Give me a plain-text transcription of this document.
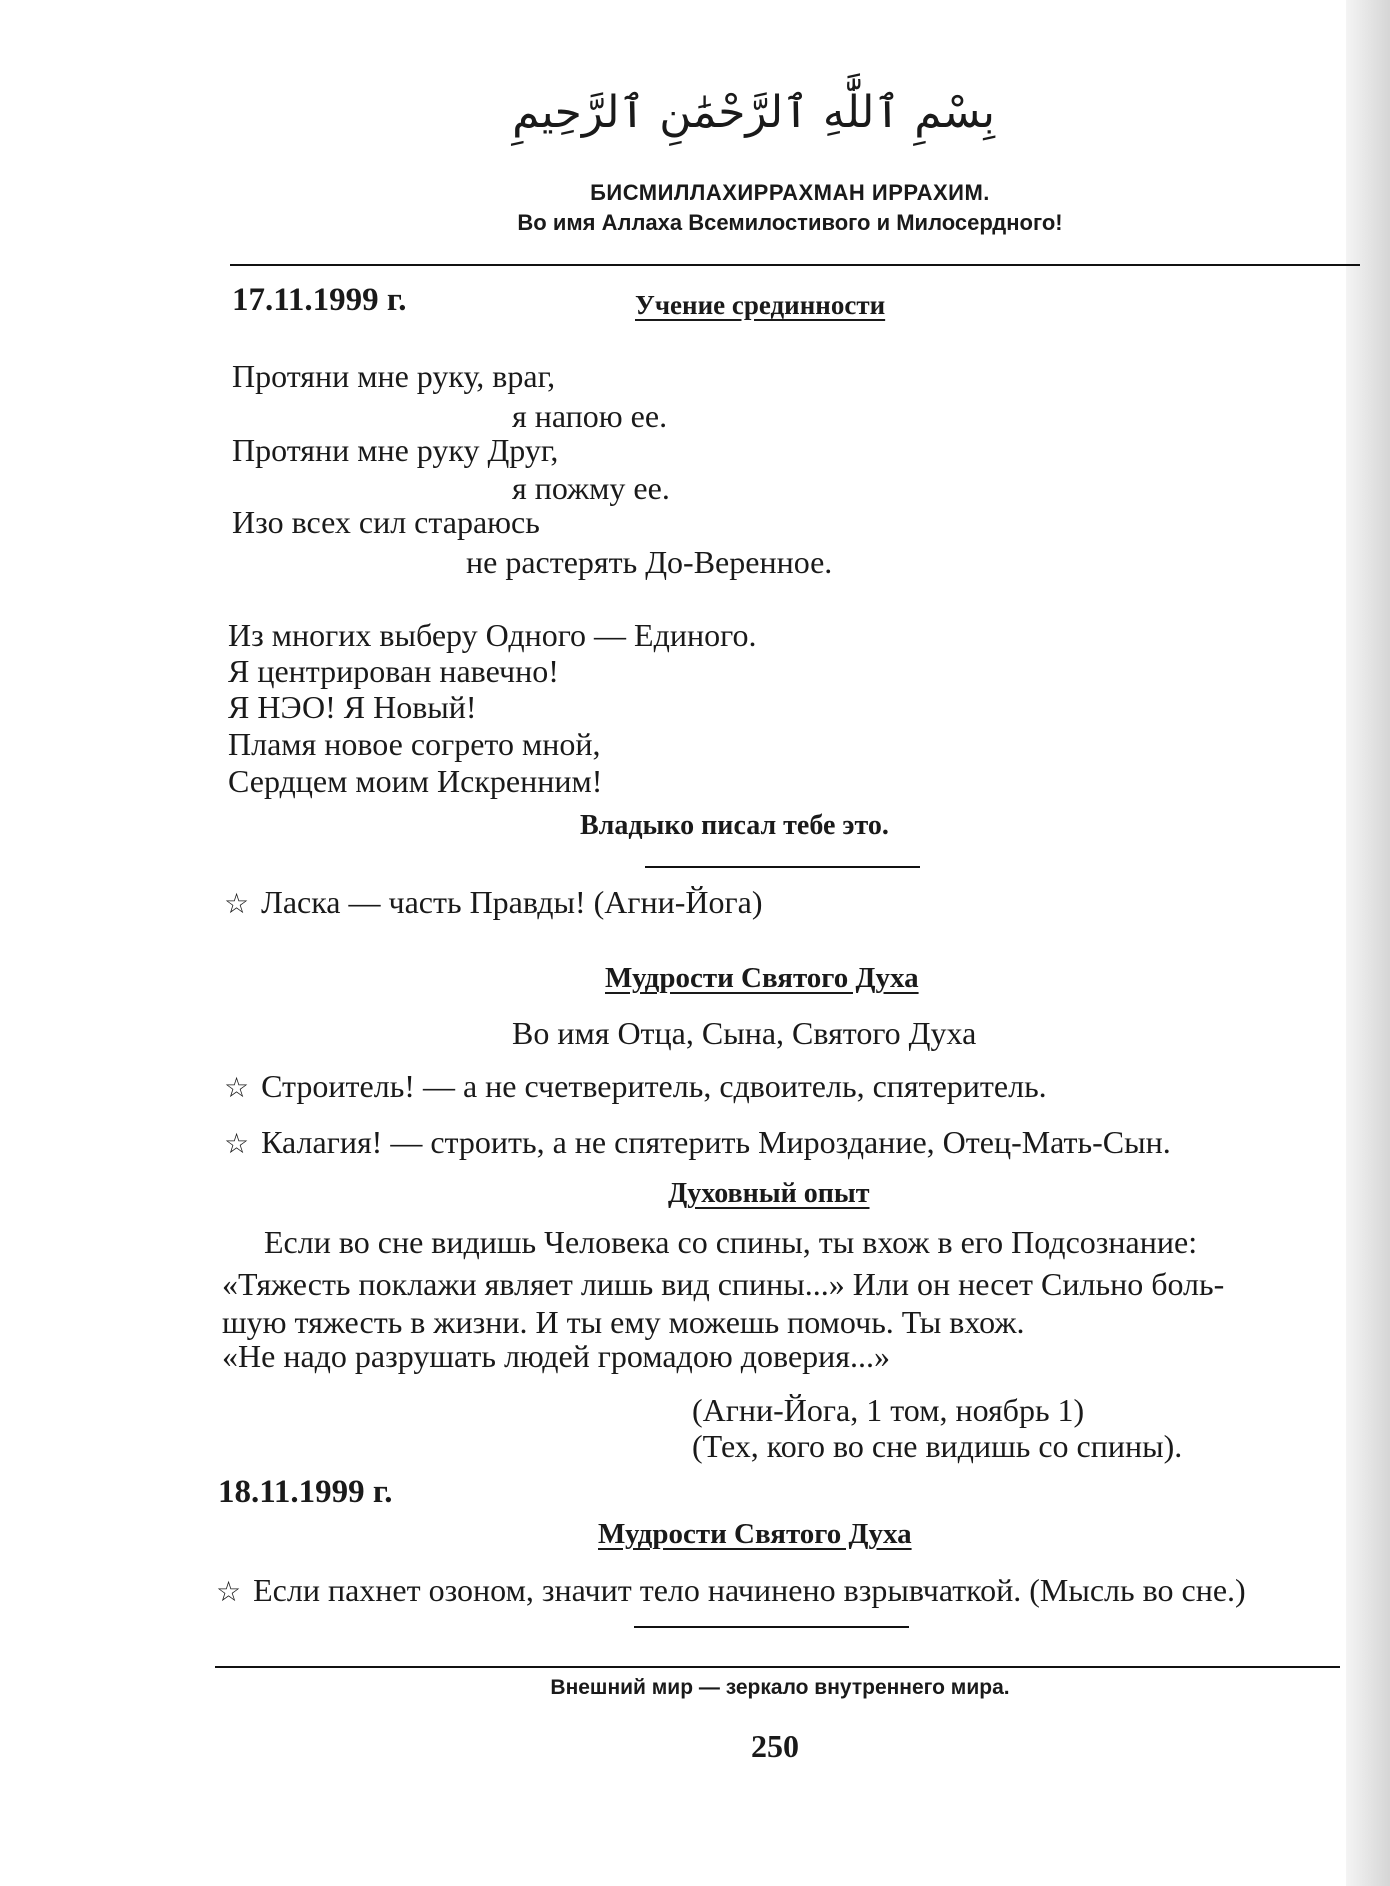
بِسْمِ ٱللَّٰهِ ٱلرَّحْمَٰنِ ٱلرَّحِيمِ
БИСМИЛЛАХИРРАХМАН ИРРАХИМ.
Во имя Аллаха Всемилостивого и Милосердного!
17.11.1999 г.	Учение срединности
Протяни мне руку, враг,
я напою ее.
Протяни мне руку Друг,
я пожму ее.
Изо всех сил стараюсь
не растерять До-Веренное.
Из многих выберу Одного — Единого.
Я центрирован навечно!
Я НЭО! Я Новый!
Пламя новое согрето мной,
Сердцем моим Искренним!
Владыко писал тебе это.
☆ Ласка — часть Правды! (Агни-Йога)
Мудрости Святого Духа
Во имя Отца, Сына, Святого Духа
☆ Строитель! — а не счетверитель, сдвоитель, спятеритель.
☆ Калагия! — строить, а не спятерить Мироздание, Отец-Мать-Сын.
Духовный опыт
Если во сне видишь Человека со спины, ты вхож в его Подсознание:
«Тяжесть поклажи являет лишь вид спины...» Или он несет Сильно боль-
шую тяжесть в жизни. И ты ему можешь помочь. Ты вхож.
«Не надо разрушать людей громадою доверия...»
(Агни-Йога, 1 том, ноябрь 1)
(Тех, кого во сне видишь со спины).
18.11.1999 г.
Мудрости Святого Духа
☆ Если пахнет озоном, значит тело начинено взрывчаткой. (Мысль во сне.)
Внешний мир — зеркало внутреннего мира.
250
